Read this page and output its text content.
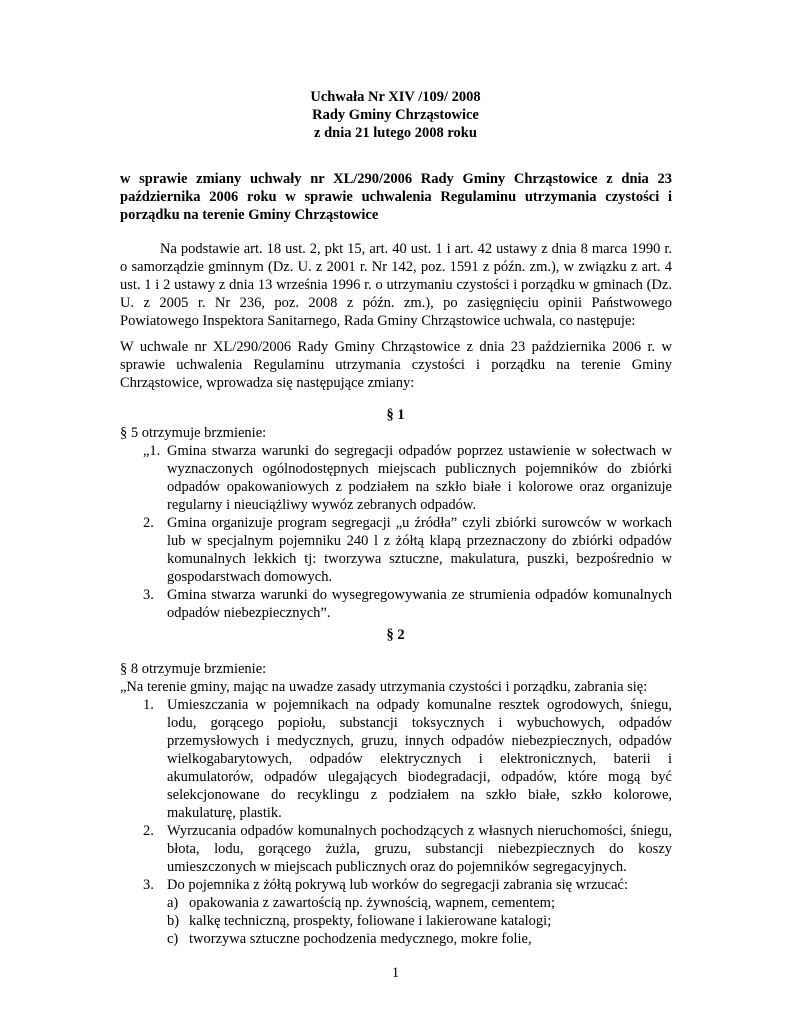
Uchwała Nr XIV /109/ 2008
Rady Gminy Chrząstowice
z dnia 21 lutego 2008 roku
w sprawie zmiany uchwały nr XL/290/2006 Rady Gminy Chrząstowice z dnia 23 października 2006 roku w sprawie uchwalenia Regulaminu utrzymania czystości i porządku na terenie Gminy Chrząstowice
Na podstawie art. 18 ust. 2, pkt 15, art. 40 ust. 1 i art. 42 ustawy z dnia 8 marca 1990 r. o samorządzie gminnym (Dz. U. z 2001 r. Nr 142, poz. 1591 z późn. zm.), w związku z art. 4 ust. 1 i 2 ustawy z dnia 13 września 1996 r. o utrzymaniu czystości i porządku w gminach (Dz. U. z 2005 r. Nr 236, poz. 2008 z późn. zm.), po zasięgnięciu opinii Państwowego Powiatowego Inspektora Sanitarnego, Rada Gminy Chrząstowice uchwala, co następuje:
W uchwale nr XL/290/2006 Rady Gminy Chrząstowice z dnia 23 października 2006 r. w sprawie uchwalenia Regulaminu utrzymania czystości i porządku na terenie Gminy Chrząstowice, wprowadza się następujące zmiany:
§ 1
§ 5 otrzymuje brzmienie:
„1. Gmina stwarza warunki do segregacji odpadów poprzez ustawienie w sołectwach w wyznaczonych ogólnodostępnych miejscach publicznych pojemników do zbiórki odpadów opakowaniowych z podziałem na szkło białe i kolorowe oraz organizuje regularny i nieuciążliwy wywóz zebranych odpadów.
2. Gmina organizuje program segregacji „u źródła” czyli zbiórki surowców w workach lub w specjalnym pojemniku 240 l z żółtą klapą przeznaczony do zbiórki odpadów komunalnych lekkich tj: tworzywa sztuczne, makulatura, puszki, bezpośrednio w gospodarstwach domowych.
3. Gmina stwarza warunki do wysegregowywania ze strumienia odpadów komunalnych odpadów niebezpiecznych”.
§ 2
§ 8 otrzymuje brzmienie:
„Na terenie gminy, mając na uwadze zasady utrzymania czystości i porządku, zabrania się:
1. Umieszczania w pojemnikach na odpady komunalne resztek ogrodowych, śniegu, lodu, gorącego popiołu, substancji toksycznych i wybuchowych, odpadów przemysłowych i medycznych, gruzu, innych odpadów niebezpiecznych, odpadów wielkogabarytowych, odpadów elektrycznych i elektronicznych, baterii i akumulatorów, odpadów ulegających biodegradacji, odpadów, które mogą być selekcjonowane do recyklingu z podziałem na szkło białe, szkło kolorowe, makulaturę, plastik.
2. Wyrzucania odpadów komunalnych pochodzących z własnych nieruchomości, śniegu, błota, lodu, gorącego żużla, gruzu, substancji niebezpiecznych do koszy umieszczonych w miejscach publicznych oraz do pojemników segregacyjnych.
3. Do pojemnika z żółtą pokrywą lub worków do segregacji zabrania się wrzucać:
a) opakowania z zawartością np. żywnością, wapnem, cementem;
b) kalkę techniczną, prospekty, foliowane i lakierowane katalogi;
c) tworzywa sztuczne pochodzenia medycznego, mokre folie,
1
